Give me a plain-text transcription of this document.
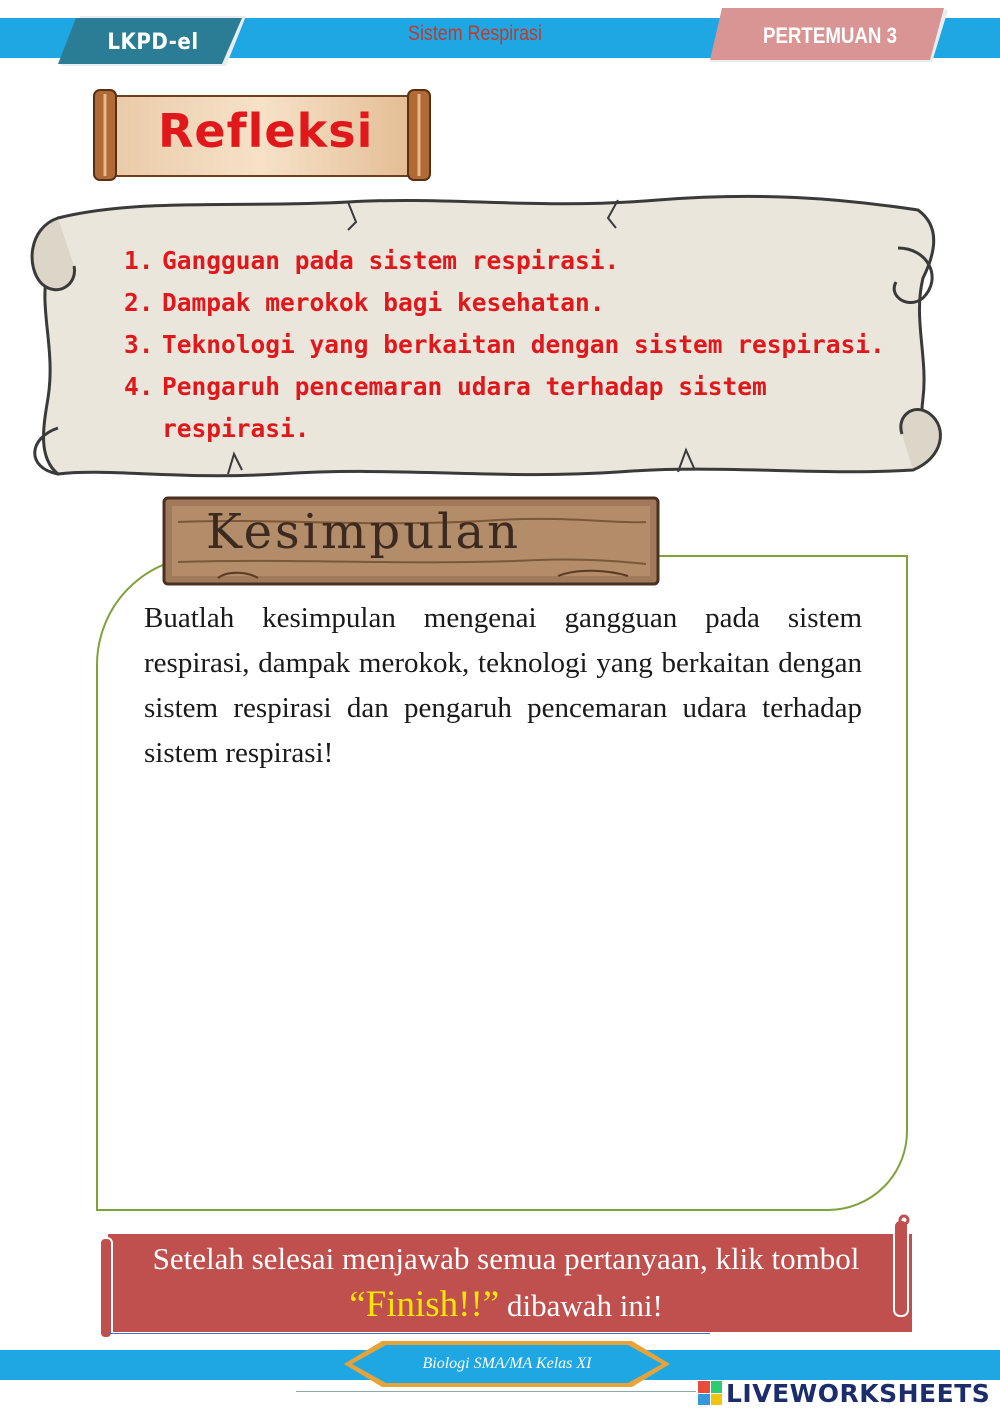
LKPD-el	Sistem Respirasi	PERTEMUAN 3
Refleksi
1. Gangguan pada sistem respirasi.
2. Dampak merokok bagi kesehatan.
3. Teknologi yang berkaitan dengan sistem respirasi.
4. Pengaruh pencemaran udara terhadap sistem respirasi.
Kesimpulan

Buatlah kesimpulan mengenai gangguan pada sistem respirasi, dampak merokok, teknologi yang berkaitan dengan sistem respirasi dan pengaruh pencemaran udara terhadap sistem respirasi!

Setelah selesai menjawab semua pertanyaan, klik tombol
“Finish!!” dibawah ini!
Biologi SMA/MA Kelas XI
LIVEWORKSHEETS
